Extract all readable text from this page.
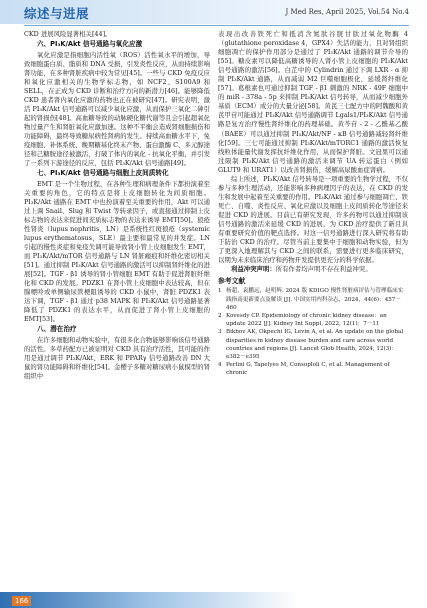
综述与进展	J Med Res, April 2025, Vol.54 No.4

CKD 进展风险显著相关[44]。

六、PI₃K/Akt 信号通路与氧化应激

氧化应激是指细胞内活性氧（ROS）活性氧水平的增加，导致细胞蛋白质、脂质和 DNA 受损，引发炎性反应，从而持续影响肾功能，在多种肾脏疾病中较为常见[45]。一些与 CKD 免疫反应和氧化应激相关的生物学标志物，如 NCF2、S100A9 和 SELL，在正成为 CKD 诊断和治疗方向的新潜力[46]。能够降低 CKD 患者肾内氧化应激的药物也正在被研究[47]。研究表明，激活 PI₃K/Akt 信号通路可以减少氧化应激，从而保护三氧化二砷引起的肾损伤[48]。高血糖导致的动脉硬化糖代谢等且会引起超氧化物过量产生和肾脏氧化应激加速。这种不平衡会造成肾细胞损伤和功能障碍，最终导致糖尿病性肾病的发生。持续高血糖水平下，免疫细胞、补体系统、晚期糖基化终末产物、蛋白激酶 C、多元醇途径和己糖胺途径被激活，打破了体内的氧化 - 抗氧化平衡，并引发了一系列下游途径的反应，包括 PI₃K/Akt 信号通路[49]。

七、PI₃K/Akt 信号通路与细胞上皮间质转化

EMT 是一个生物过程，在各种生理和病理条件下都扮演着至关重要的角色，它的特点是将上皮细胞转化为间质细胞。PI₃K/Akt 通路在 EMT 中也扮演着至关重要的作用，Akt 可以通过上调 Snail、Slug 和 Twist 等转录因子，或直接通过抑制上皮标志物的表达来促进间充质标志物的表达来诱导 EMT[50]。狼疮性肾炎（lupus nephritis，LN）是系统性红斑狼疮（systemic lupus erythematosus，SLE）最主要和最常见的并发症。LN 引起的慢性炎症和免疫失调可能导致肾小管上皮细胞发生 EMT，而 PI₃K/Akt/mTOR 信号通路与 LN 肾脏瘢痕和纤维化密切相关[51]。通过抑制 PI₃K/Akt 信号通路的激活可以抑制肾纤维化的进展[52]。TGF - β1 诱导的肾小管细胞 EMT 有助于促进肾脏纤维化和 CKD 的发展。PDZK1 在肾小管上皮细胞中表达较高，但在腺嘌呤或单侧输尿管梗阻诱导的 CKD 小鼠中，肾脏 PDZK1 表达下调，TGF - β1 通过 p38 MAPK 和 PI₃K/Akt 信号通路显著降低了 PDZK1 的表达水平，从而促进了肾小管上皮细胞的 EMT[53]。

八、潜在治疗

在许多细胞和动物实验中，有很多化合物能够影响该信号通路的活性。多草药配方已被证明对 CKD 具有治疗活性，其可能的作用是通过调节 PI₃K/Akt、ERK 和 PPARγ 信号通路改善 DN 大鼠的肾功能障碍和纤维化[54]。金樱子多糖对糖尿病小鼠模型的肾组织中

表现出改善铁死亡和抵消含氮肽谷胱甘肽过氧化物酶 4（glutathione peroxidase 4，GPX4）失活的能力，且对肾组织细胞凋亡的保护作用部分是通过了 PI₃K/Akt 通路的调节介导的[55]。糖皮素可以降低高糖诱导的人肾小管上皮细胞的 PI₃K/Akt 信号通路的激活[56]。白芷中的 Cylindrin 通过下调 LXR - α 抑制 PI₃K/Akt 通路，从而减弱 M2 巨噬细胞极化，延缓肾纤维化[57]。葛根素也可通过抑制 TGF - β1 刺激的 NRK - 49F 细胞中的 miR - 378a - 5p 来抑制 PI₃K/Akt 信号转导，从而减少细胞外基质（ECM）成分的大量分泌[58]。黄芪三七配方中的阿魏酸和黄芪甲苷可能通过 PI₃K/Akt 信号通路调节 Lgals1/PI₃K/Akt 信号通路是复方治疗慢性肾纤维化的药理基础。黄芩苷 - 2 - 乙酰基乙酸（BAEE）可以通过抑制 PI₃K/Akt/NF - κB 信号通路减轻肾纤维化[59]。三七可能通过抑制 PI₃K/Akt/mTORC1 通路的激活恢复线粒体能量代谢发挥抗纤维化作用，从而保护肾脏。文冠果可以通过限制 PI₃K/Akt 信号通路的激活来调节 UA 转运蛋白（例如 GLUT9 和 URAT1）以改善肾损伤，缓解高尿酸血症肾病。

综上所述，PI₃K/Akt 信号转导是一项重要的生物学过程，不仅参与多种生理活动，还能影响多种病理因子的表达，在 CKD 的发生和发展中起着至关重要的作用。PI₃K/Akt 通过参与细胞凋亡、铁死亡、自噬、炎性反应、氧化应激以及细胞上皮间质转化等途径来促进 CKD 的进展。目前已有研究发现，许多药物可以通过抑制该信号通路的激活来延缓 CKD 的进展，为 CKD 治疗提供了新且具有重要研究价值的靶点选择。对这一信号通路进行深入研究将有助于防治 CKD 的治疗。尽管当前主要集中于细胞和动物实验，但为了更深入地理解其与 CKD 之间的联系，需要进行更多临床研究，以期为未来临床治疗和药物开发提供更充分的科学依据。

利益冲突声明：所有作者均声明不存在利益冲突。

参考文献

1 杨超，袁鹏远，赵明辉. 2024 版 KDIGO 慢性肾脏病评估与管理临床实践指南更新要点及解读 [J]. 中国实用内科杂志，2024，44(6)：457－460

2 Kovesdy CP. Epidemiology of chronic kidney disease：an update 2022 [J]. Kidney Int Suppl, 2022, 12(1)：7－11

3 Bikbov AK, Okpechi IG, Levin A, et al. An update on the global disparities in kidney disease burden and care across world countries and regions [J]. Lancet Glob Health, 2024, 12(3)：e382－e395

4 Perlini G, Tapelyes M, Consoploli C, et al. Management of chronic

166
